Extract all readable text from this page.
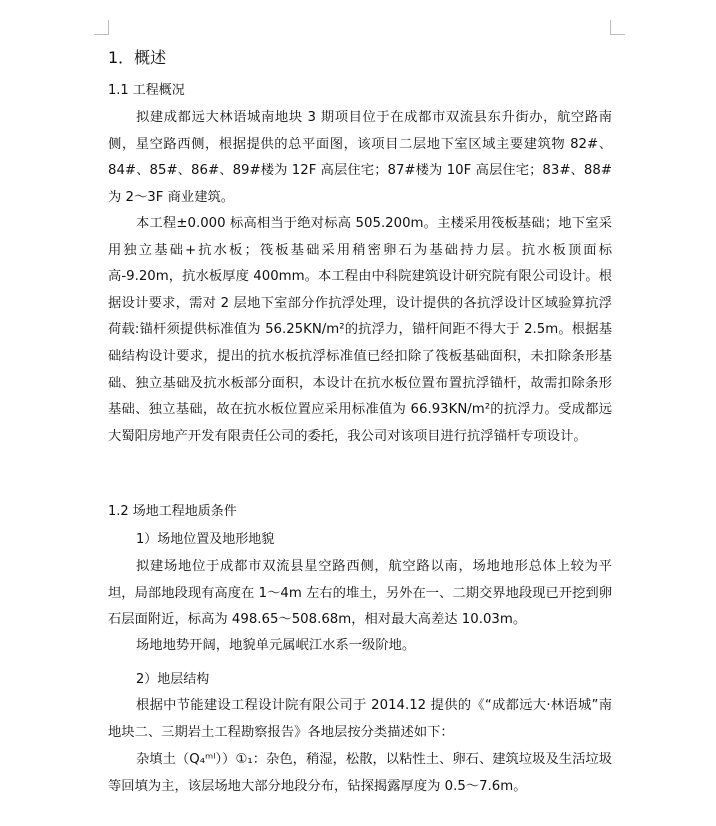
1．概述
1.1 工程概况
拟建成都远大林语城南地块 3 期项目位于在成都市双流县东升街办，航空路南侧，星空路西侧，根据提供的总平面图，该项目二层地下室区域主要建筑物 82#、84#、85#、86#、89#楼为 12F 高层住宅；87#楼为 10F 高层住宅；83#、88#为 2～3F 商业建筑。
本工程±0.000 标高相当于绝对标高 505.200m。主楼采用筏板基础；地下室采用独立基础+抗水板；筏板基础采用稍密卵石为基础持力层。抗水板顶面标高-9.20m，抗水板厚度 400mm。本工程由中科院建筑设计研究院有限公司设计。根据设计要求，需对 2 层地下室部分作抗浮处理，设计提供的各抗浮设计区域验算抗浮荷载:锚杆须提供标准值为 56.25KN/m²的抗浮力，锚杆间距不得大于 2.5m。根据基础结构设计要求，提出的抗水板抗浮标准值已经扣除了筏板基础面积，未扣除条形基础、独立基础及抗水板部分面积，本设计在抗水板位置布置抗浮锚杆，故需扣除条形基础、独立基础，故在抗水板位置应采用标准值为 66.93KN/m²的抗浮力。受成都远大蜀阳房地产开发有限责任公司的委托，我公司对该项目进行抗浮锚杆专项设计。
1.2 场地工程地质条件
1）场地位置及地形地貌
拟建场地位于成都市双流县星空路西侧，航空路以南，场地地形总体上较为平坦，局部地段现有高度在 1～4m 左右的堆土，另外在一、二期交界地段现已开挖到卵石层面附近，标高为 498.65～508.68m，相对最大高差达 10.03m。
场地地势开阔，地貌单元属岷江水系一级阶地。
2）地层结构
根据中节能建设工程设计院有限公司于 2014.12 提供的《“成都远大·林语城”南地块二、三期岩土工程勘察报告》各地层按分类描述如下：
杂填土（Q₄ᵐˡ））①₁：杂色，稍湿，松散，以粘性土、卵石、建筑垃圾及生活垃圾等回填为主，该层场地大部分地段分布，钻探揭露厚度为 0.5～7.6m。
